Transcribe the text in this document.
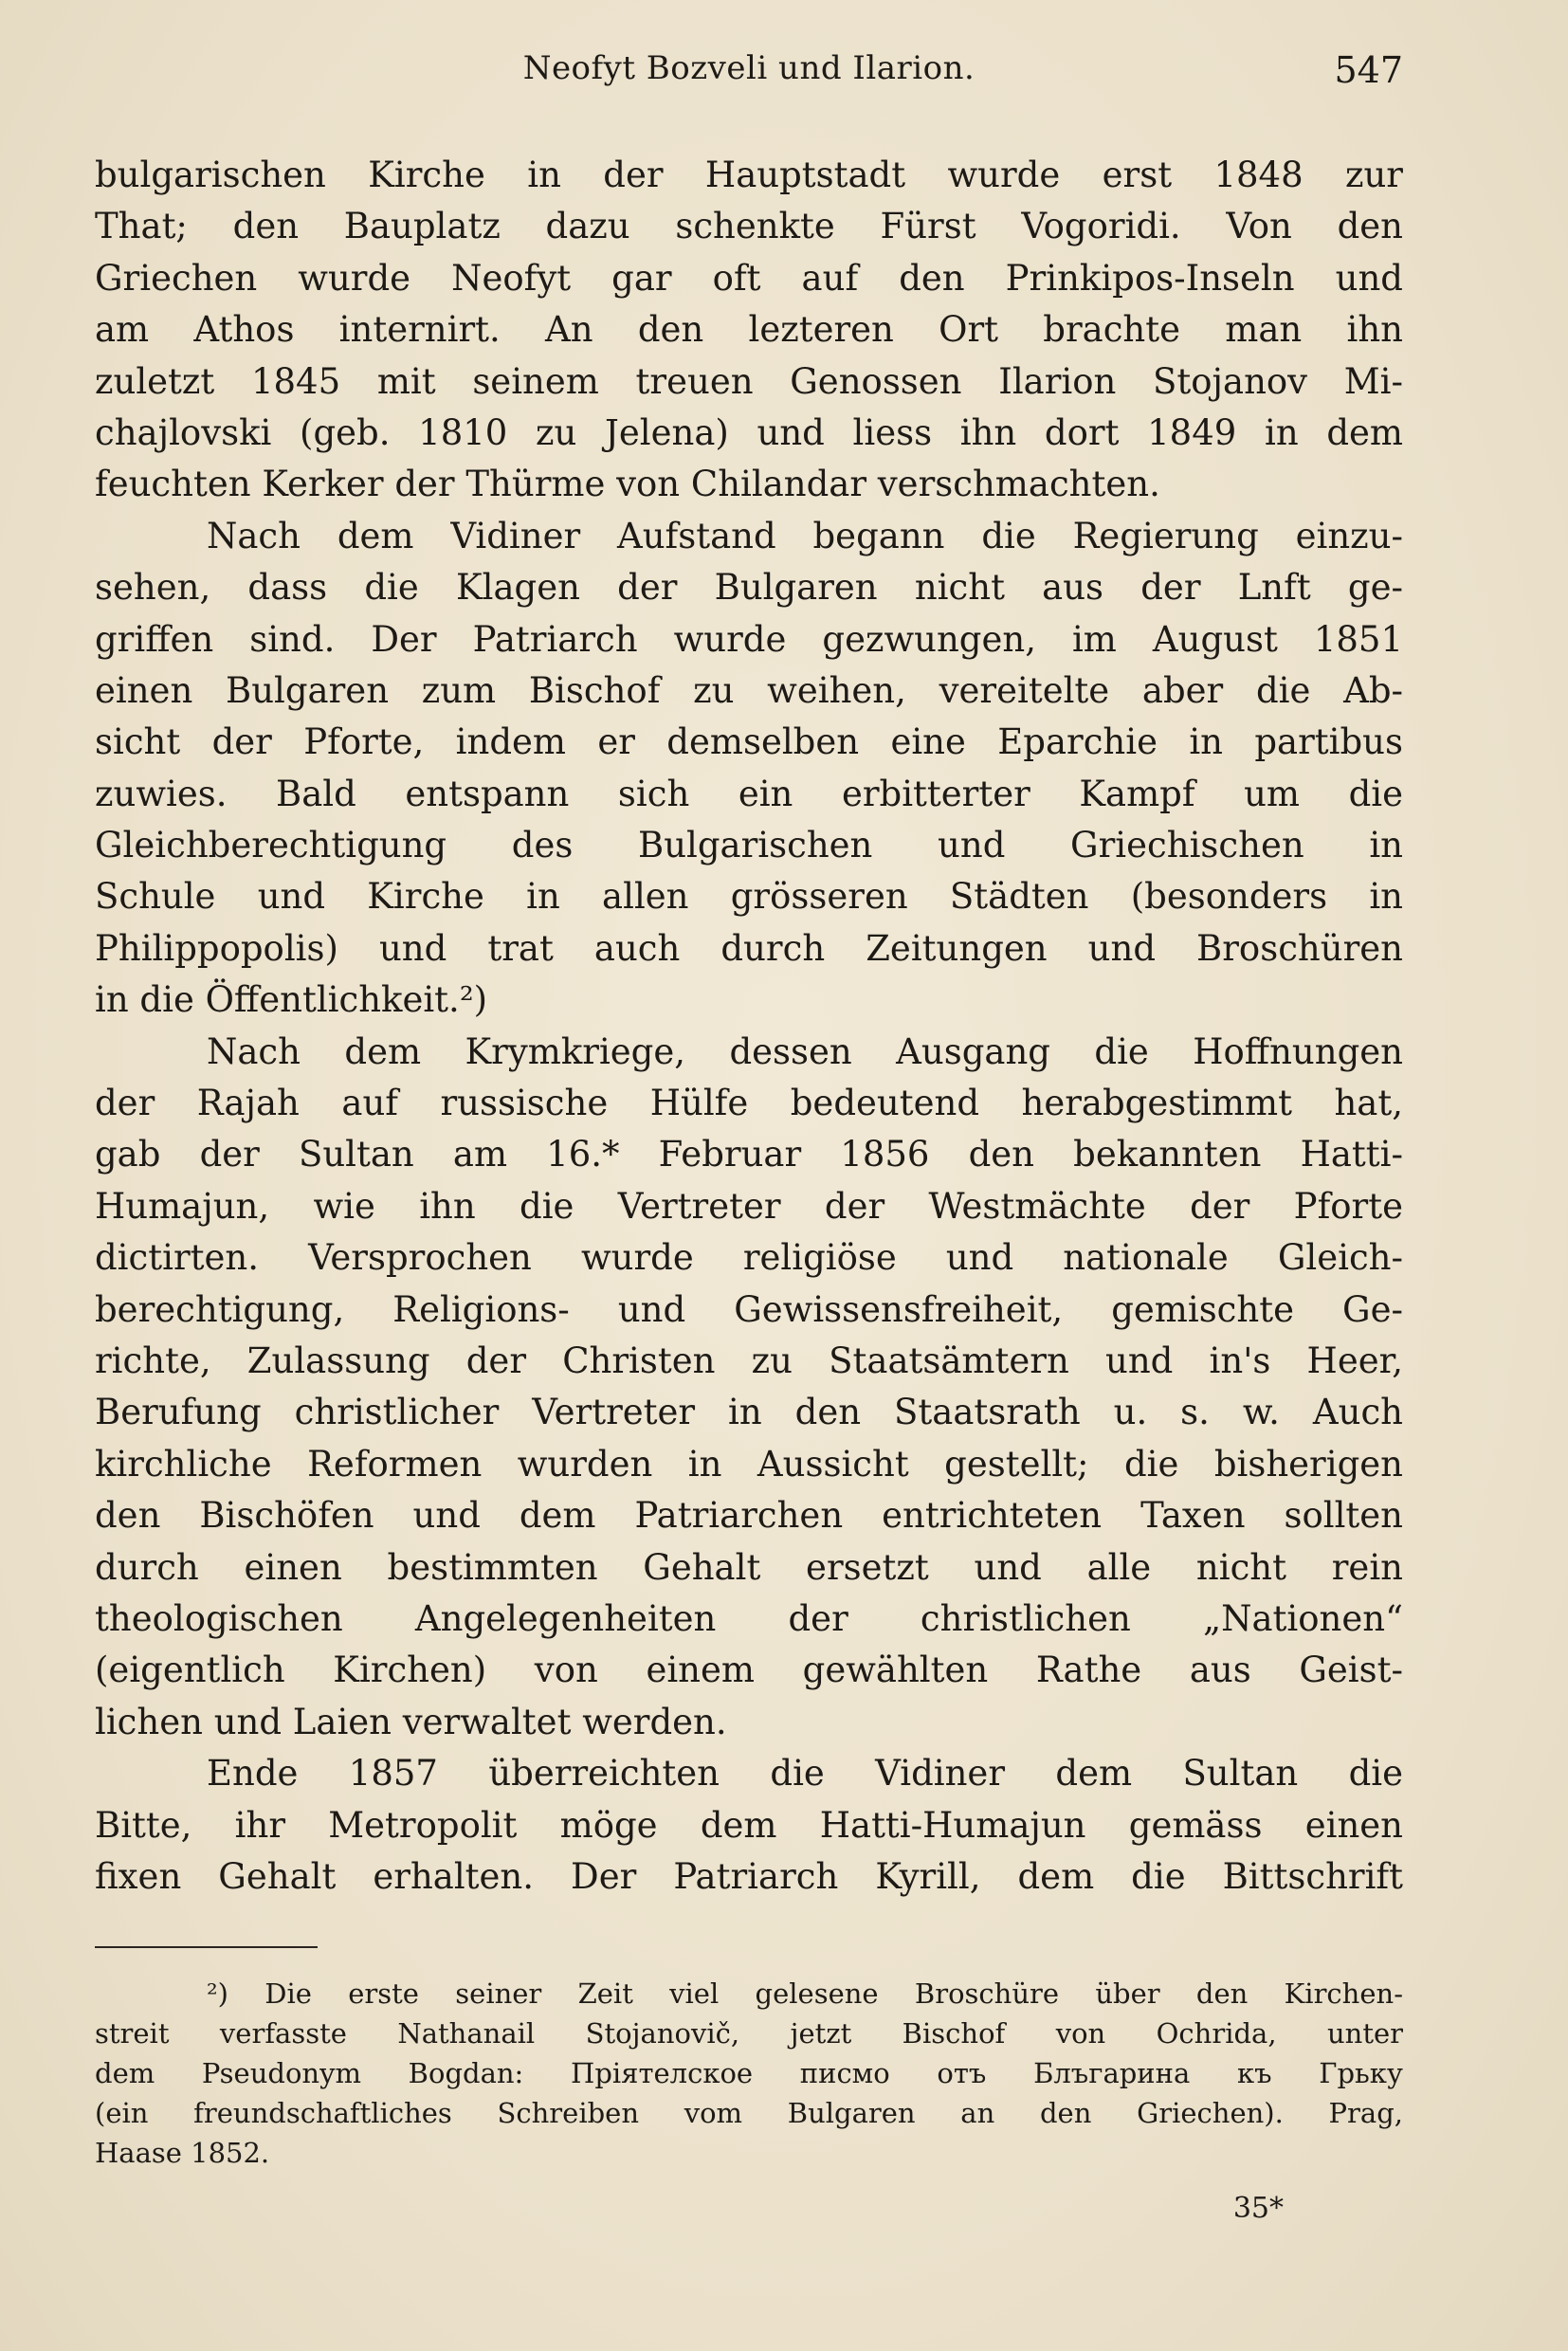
Neofyt Bozveli und Ilarion.	547
bulgarischen Kirche in der Hauptstadt wurde erst 1848 zur
That; den Bauplatz dazu schenkte Fürst Vogoridi. Von den
Griechen wurde Neofyt gar oft auf den Prinkipos-Inseln und
am Athos internirt. An den lezteren Ort brachte man ihn
zuletzt 1845 mit seinem treuen Genossen Ilarion Stojanov Mi-
chajlovski (geb. 1810 zu Jelena) und liess ihn dort 1849 in dem
feuchten Kerker der Thürme von Chilandar verschmachten.
Nach dem Vidiner Aufstand begann die Regierung einzu-
sehen, dass die Klagen der Bulgaren nicht aus der Lnft ge-
griffen sind. Der Patriarch wurde gezwungen, im August 1851
einen Bulgaren zum Bischof zu weihen, vereitelte aber die Ab-
sicht der Pforte, indem er demselben eine Eparchie in partibus
zuwies. Bald entspann sich ein erbitterter Kampf um die
Gleichberechtigung des Bulgarischen und Griechischen in
Schule und Kirche in allen grösseren Städten (besonders in
Philippopolis) und trat auch durch Zeitungen und Broschüren
in die Öffentlichkeit.²)
Nach dem Krymkriege, dessen Ausgang die Hoffnungen
der Rajah auf russische Hülfe bedeutend herabgestimmt hat,
gab der Sultan am 16.* Februar 1856 den bekannten Hatti-
Humajun, wie ihn die Vertreter der Westmächte der Pforte
dictirten. Versprochen wurde religiöse und nationale Gleich-
berechtigung, Religions- und Gewissensfreiheit, gemischte Ge-
richte, Zulassung der Christen zu Staatsämtern und in's Heer,
Berufung christlicher Vertreter in den Staatsrath u. s. w. Auch
kirchliche Reformen wurden in Aussicht gestellt; die bisherigen
den Bischöfen und dem Patriarchen entrichteten Taxen sollten
durch einen bestimmten Gehalt ersetzt und alle nicht rein
theologischen Angelegenheiten der christlichen „Nationen“
(eigentlich Kirchen) von einem gewählten Rathe aus Geist-
lichen und Laien verwaltet werden.
Ende 1857 überreichten die Vidiner dem Sultan die
Bitte, ihr Metropolit möge dem Hatti-Humajun gemäss einen
fixen Gehalt erhalten. Der Patriarch Kyrill, dem die Bittschrift
²) Die erste seiner Zeit viel gelesene Broschüre über den Kirchen-
streit verfasste Nathanail Stojanovič, jetzt Bischof von Ochrida, unter
dem Pseudonym Bogdan: Пріятелское писмо отъ Блъгарина къ Грьку
(ein freundschaftliches Schreiben vom Bulgaren an den Griechen). Prag,
Haase 1852.
35*
